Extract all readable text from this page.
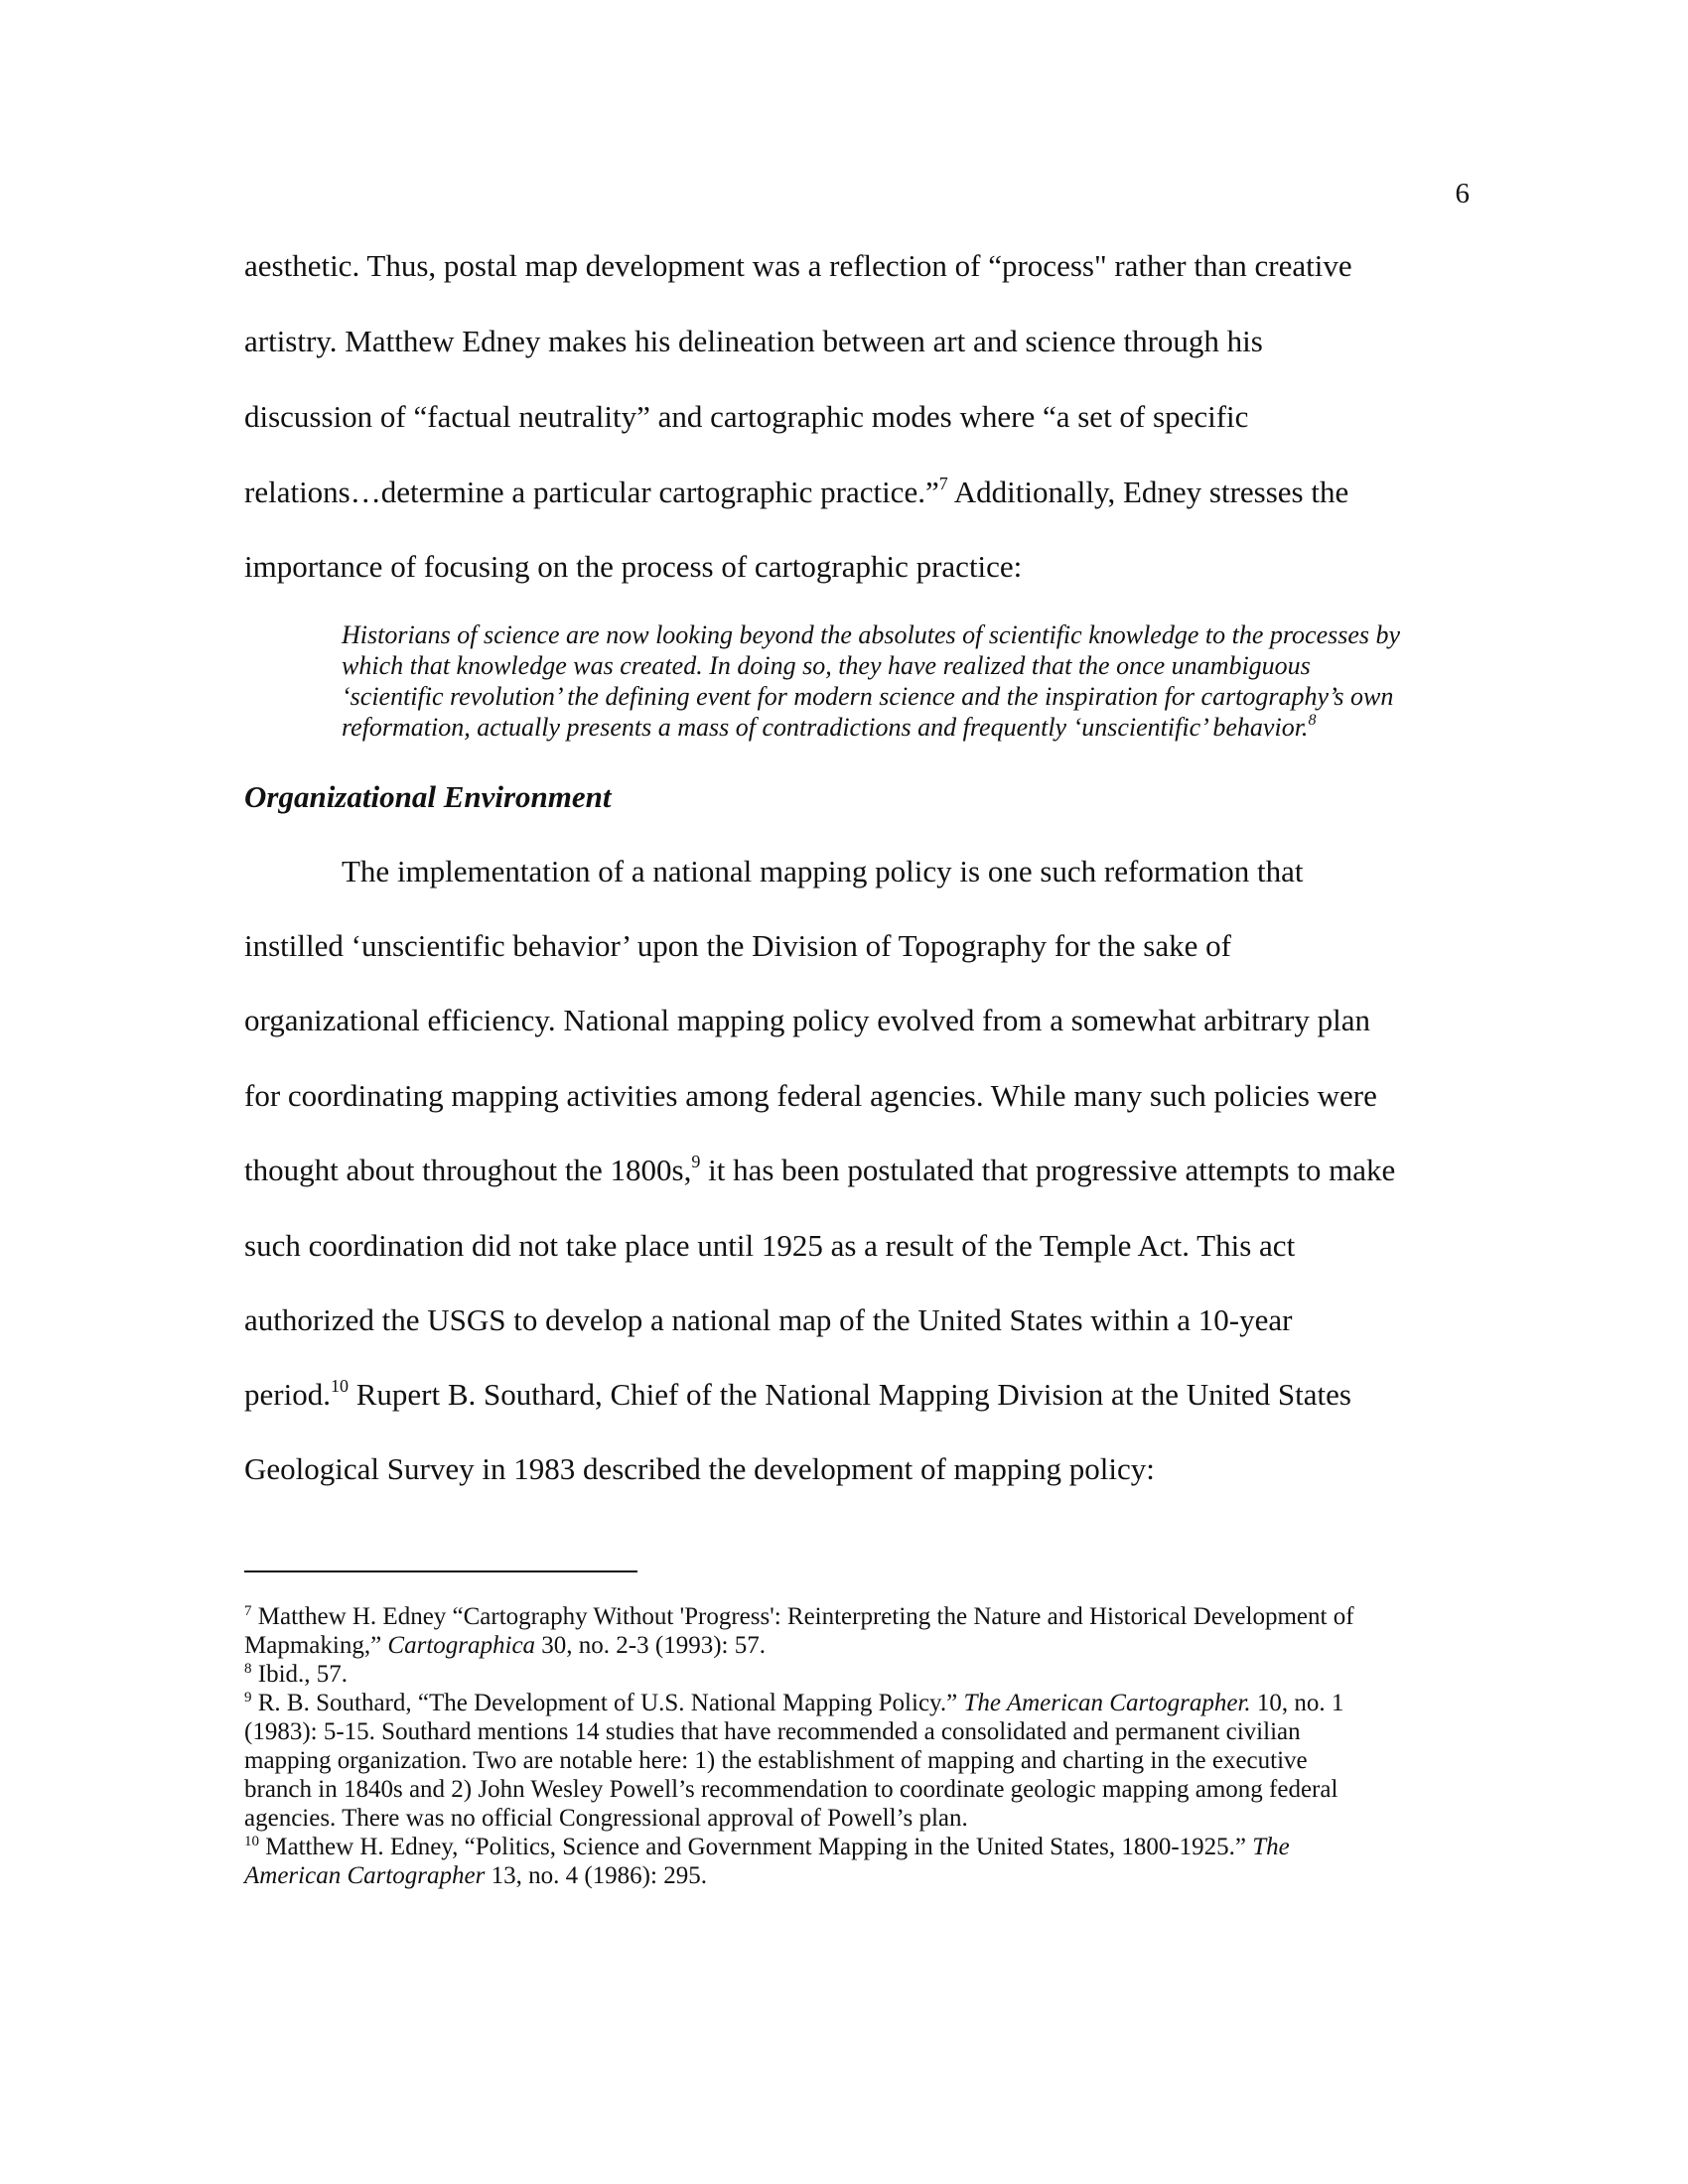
6
aesthetic. Thus, postal map development was a reflection of “process" rather than creative
artistry. Matthew Edney makes his delineation between art and science through his
discussion of “factual neutrality” and cartographic modes where “a set of specific
relations…determine a particular cartographic practice.”$^7$ Additionally, Edney stresses the
importance of focusing on the process of cartographic practice:
Historians of science are now looking beyond the absolutes of scientific knowledge to the processes by
which that knowledge was created. In doing so, they have realized that the once unambiguous
‘scientific revolution’ the defining event for modern science and the inspiration for cartography’s own
reformation, actually presents a mass of contradictions and frequently ‘unscientific’ behavior.$^8$
Organizational Environment
The implementation of a national mapping policy is one such reformation that
instilled ‘unscientific behavior’ upon the Division of Topography for the sake of
organizational efficiency. National mapping policy evolved from a somewhat arbitrary plan
for coordinating mapping activities among federal agencies. While many such policies were
thought about throughout the 1800s,$^9$ it has been postulated that progressive attempts to make
such coordination did not take place until 1925 as a result of the Temple Act. This act
authorized the USGS to develop a national map of the United States within a 10-year
period.$^{10}$ Rupert B. Southard, Chief of the National Mapping Division at the United States
Geological Survey in 1983 described the development of mapping policy:
$^7$ Matthew H. Edney “Cartography Without 'Progress': Reinterpreting the Nature and Historical Development of
Mapmaking,” Cartographica 30, no. 2-3 (1993): 57.
$^8$ Ibid., 57.
$^9$ R. B. Southard, “The Development of U.S. National Mapping Policy.” The American Cartographer. 10, no. 1
(1983): 5-15. Southard mentions 14 studies that have recommended a consolidated and permanent civilian
mapping organization. Two are notable here: 1) the establishment of mapping and charting in the executive
branch in 1840s and 2) John Wesley Powell’s recommendation to coordinate geologic mapping among federal
agencies. There was no official Congressional approval of Powell’s plan.
$^{10}$ Matthew H. Edney, “Politics, Science and Government Mapping in the United States, 1800-1925.” The
American Cartographer 13, no. 4 (1986): 295.
